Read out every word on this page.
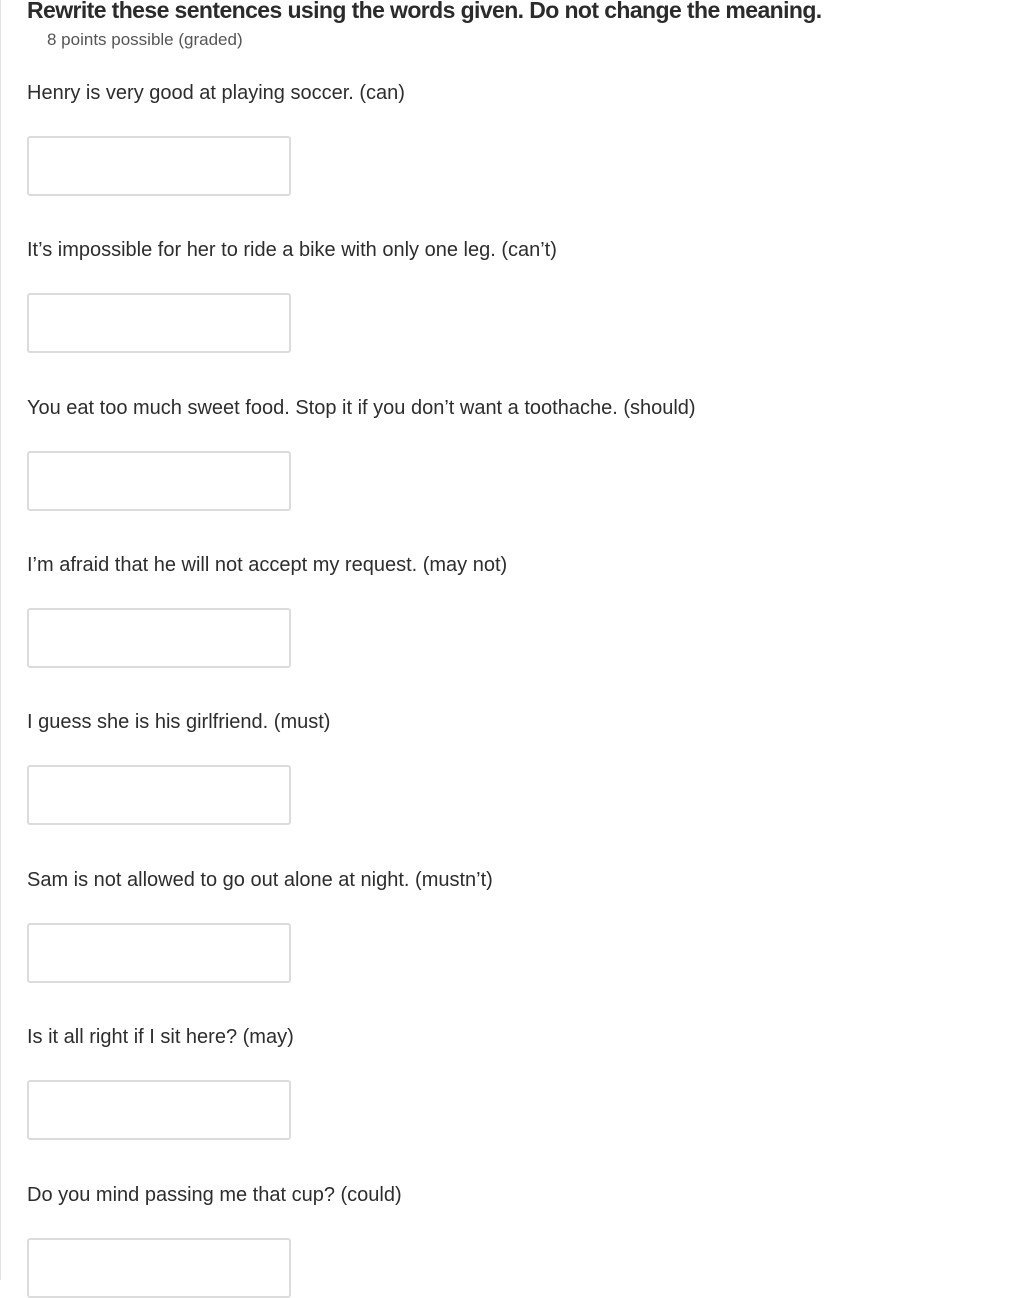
Rewrite these sentences using the words given. Do not change the meaning.
8 points possible (graded)

Henry is very good at playing soccer. (can)

It’s impossible for her to ride a bike with only one leg. (can’t)

You eat too much sweet food. Stop it if you don’t want a toothache. (should)

I’m afraid that he will not accept my request. (may not)

I guess she is his girlfriend. (must)

Sam is not allowed to go out alone at night. (mustn’t)

Is it all right if I sit here? (may)

Do you mind passing me that cup? (could)
